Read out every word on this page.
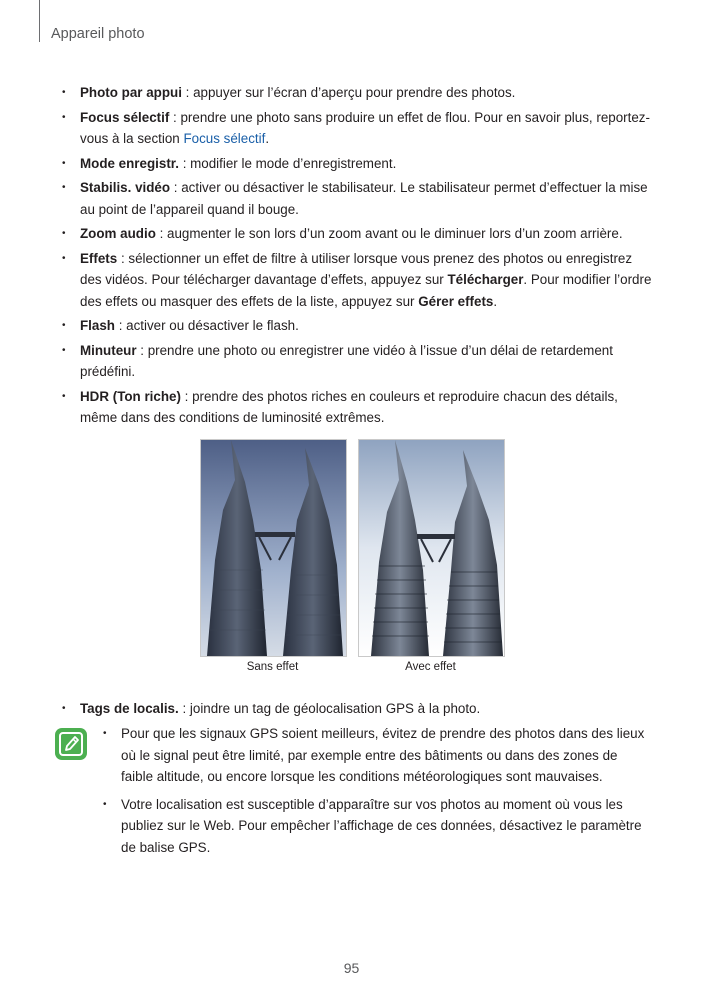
Appareil photo
• Photo par appui : appuyer sur l’écran d’aperçu pour prendre des photos.
• Focus sélectif : prendre une photo sans produire un effet de flou. Pour en savoir plus, reportez-vous à la section Focus sélectif.
• Mode enregistr. : modifier le mode d’enregistrement.
• Stabilis. vidéo : activer ou désactiver le stabilisateur. Le stabilisateur permet d’effectuer la mise au point de l’appareil quand il bouge.
• Zoom audio : augmenter le son lors d’un zoom avant ou le diminuer lors d’un zoom arrière.
• Effets : sélectionner un effet de filtre à utiliser lorsque vous prenez des photos ou enregistrez des vidéos. Pour télécharger davantage d’effets, appuyez sur Télécharger. Pour modifier l’ordre des effets ou masquer des effets de la liste, appuyez sur Gérer effets.
• Flash : activer ou désactiver le flash.
• Minuteur : prendre une photo ou enregistrer une vidéo à l’issue d’un délai de retardement prédéfini.
• HDR (Ton riche) : prendre des photos riches en couleurs et reproduire chacun des détails, même dans des conditions de luminosité extrêmes.
Sans effet	Avec effet
• Tags de localis. : joindre un tag de géolocalisation GPS à la photo.
• Pour que les signaux GPS soient meilleurs, évitez de prendre des photos dans des lieux où le signal peut être limité, par exemple entre des bâtiments ou dans des zones de faible altitude, ou encore lorsque les conditions météorologiques sont mauvaises.
• Votre localisation est susceptible d’apparaître sur vos photos au moment où vous les publiez sur le Web. Pour empêcher l’affichage de ces données, désactivez le paramètre de balise GPS.
95
